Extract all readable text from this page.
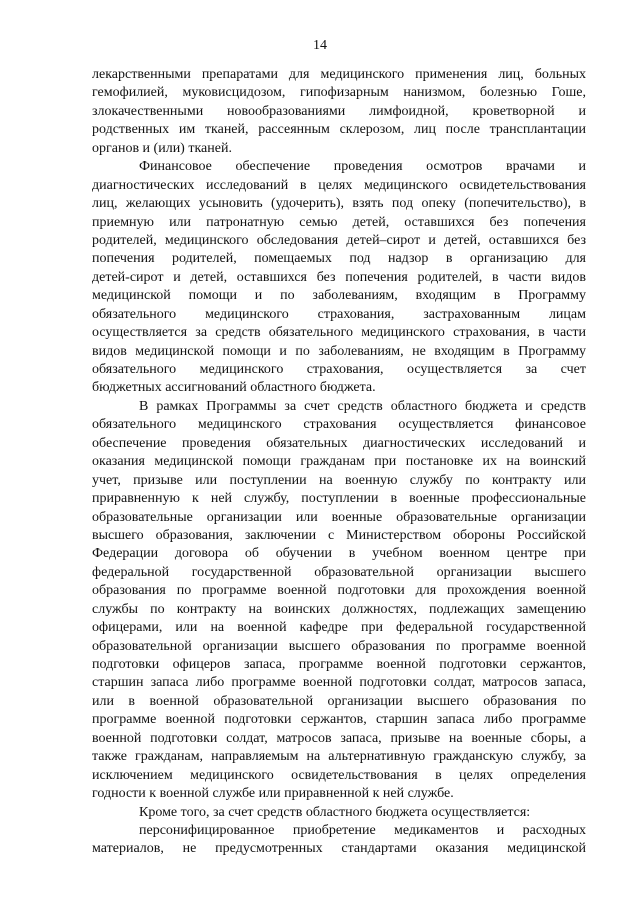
14
лекарственными препаратами для медицинского применения лиц, больных
гемофилией, муковисцидозом, гипофизарным нанизмом, болезнью Гоше,
злокачественными новообразованиями лимфоидной, кроветворной и
родственных им тканей, рассеянным склерозом, лиц после трансплантации
органов и (или) тканей.
Финансовое обеспечение проведения осмотров врачами и
диагностических исследований в целях медицинского освидетельствования
лиц, желающих усыновить (удочерить), взять под опеку (попечительство), в
приемную или патронатную семью детей, оставшихся без попечения
родителей, медицинского обследования детей–сирот и детей, оставшихся без
попечения родителей, помещаемых под надзор в организацию для
детей-сирот и детей, оставшихся без попечения родителей, в части видов
медицинской помощи и по заболеваниям, входящим в Программу
обязательного медицинского страхования, застрахованным лицам
осуществляется за средств обязательного медицинского страхования, в части
видов медицинской помощи и по заболеваниям, не входящим в Программу
обязательного медицинского страхования, осуществляется за счет
бюджетных ассигнований областного бюджета.
В рамках Программы за счет средств областного бюджета и средств
обязательного медицинского страхования осуществляется финансовое
обеспечение проведения обязательных диагностических исследований и
оказания медицинской помощи гражданам при постановке их на воинский
учет, призыве или поступлении на военную службу по контракту или
приравненную к ней службу, поступлении в военные профессиональные
образовательные организации или военные образовательные организации
высшего образования, заключении с Министерством обороны Российской
Федерации договора об обучении в учебном военном центре при
федеральной государственной образовательной организации высшего
образования по программе военной подготовки для прохождения военной
службы по контракту на воинских должностях, подлежащих замещению
офицерами, или на военной кафедре при федеральной государственной
образовательной организации высшего образования по программе военной
подготовки офицеров запаса, программе военной подготовки сержантов,
старшин запаса либо программе военной подготовки солдат, матросов запаса,
или в военной образовательной организации высшего образования по
программе военной подготовки сержантов, старшин запаса либо программе
военной подготовки солдат, матросов запаса, призыве на военные сборы, а
также гражданам, направляемым на альтернативную гражданскую службу, за
исключением медицинского освидетельствования в целях определения
годности к военной службе или приравненной к ней службе.
Кроме того, за счет средств областного бюджета осуществляется:
персонифицированное приобретение медикаментов и расходных
материалов, не предусмотренных стандартами оказания медицинской
